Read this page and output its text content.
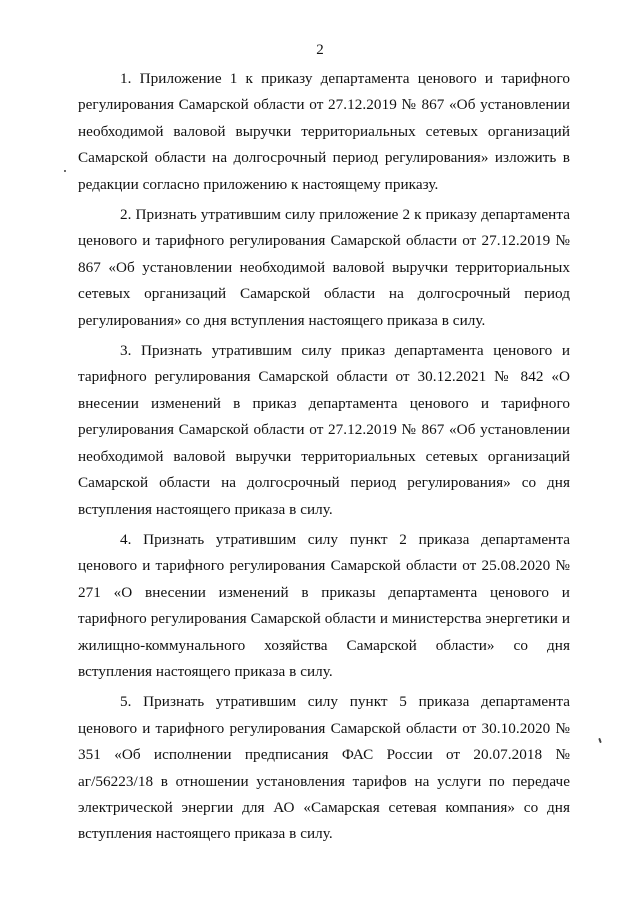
2

1. Приложение 1 к приказу департамента ценового и тарифного регулирования Самарской области от 27.12.2019 № 867 «Об установлении необходимой валовой выручки территориальных сетевых организаций Самарской области на долгосрочный период регулирования» изложить в редакции согласно приложению к настоящему приказу.

2. Признать утратившим силу приложение 2 к приказу департамента ценового и тарифного регулирования Самарской области от 27.12.2019 № 867 «Об установлении необходимой валовой выручки территориальных сетевых организаций Самарской области на долгосрочный период регулирования» со дня вступления настоящего приказа в силу.

3. Признать утратившим силу приказ департамента ценового и тарифного регулирования Самарской области от 30.12.2021 № 842 «О внесении изменений в приказ департамента ценового и тарифного регулирования Самарской области от 27.12.2019 № 867 «Об установлении необходимой валовой выручки территориальных сетевых организаций Самарской области на долгосрочный период регулирования» со дня вступления настоящего приказа в силу.

4. Признать утратившим силу пункт 2 приказа департамента ценового и тарифного регулирования Самарской области от 25.08.2020 № 271 «О внесении изменений в приказы департамента ценового и тарифного регулирования Самарской области и министерства энергетики и жилищно-коммунального хозяйства Самарской области» со дня вступления настоящего приказа в силу.

5. Признать утратившим силу пункт 5 приказа департамента ценового и тарифного регулирования Самарской области от 30.10.2020 № 351 «Об исполнении предписания ФАС России от 20.07.2018 № аг/56223/18 в отношении установления тарифов на услуги по передаче электрической энергии для АО «Самарская сетевая компания» со дня вступления настоящего приказа в силу.
